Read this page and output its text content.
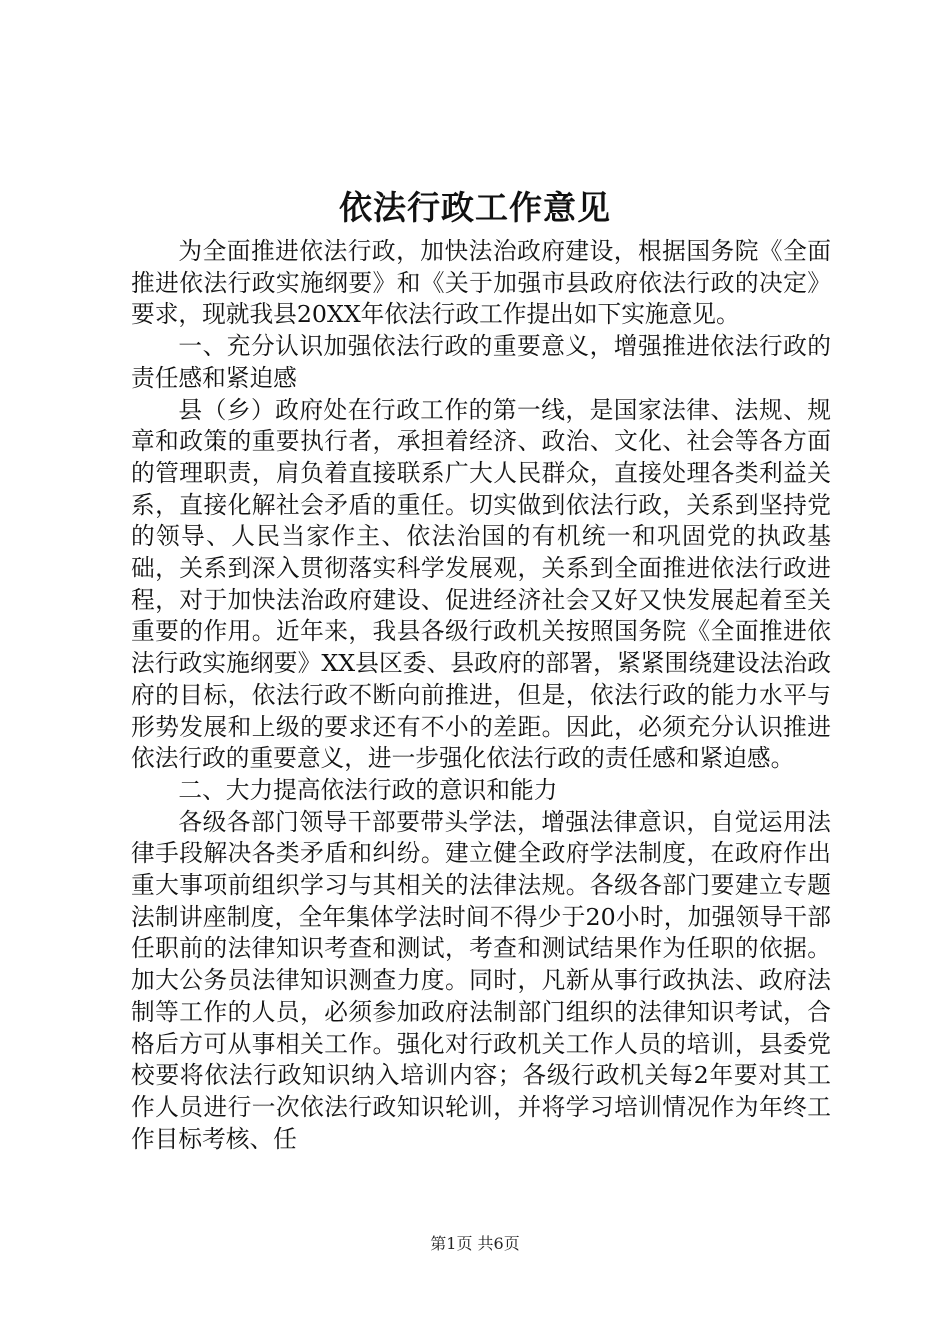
依法行政工作意见

为全面推进依法行政，加快法治政府建设，根据国务院《全面推进依法行政实施纲要》和《关于加强市县政府依法行政的决定》要求，现就我县20XX年依法行政工作提出如下实施意见。

一、充分认识加强依法行政的重要意义，增强推进依法行政的责任感和紧迫感

县（乡）政府处在行政工作的第一线，是国家法律、法规、规章和政策的重要执行者，承担着经济、政治、文化、社会等各方面的管理职责，肩负着直接联系广大人民群众，直接处理各类利益关系，直接化解社会矛盾的重任。切实做到依法行政，关系到坚持党的领导、人民当家作主、依法治国的有机统一和巩固党的执政基础，关系到深入贯彻落实科学发展观，关系到全面推进依法行政进程，对于加快法治政府建设、促进经济社会又好又快发展起着至关重要的作用。近年来，我县各级行政机关按照国务院《全面推进依法行政实施纲要》XX县区委、县政府的部署，紧紧围绕建设法治政府的目标，依法行政不断向前推进，但是，依法行政的能力水平与形势发展和上级的要求还有不小的差距。因此，必须充分认识推进依法行政的重要意义，进一步强化依法行政的责任感和紧迫感。

二、大力提高依法行政的意识和能力

各级各部门领导干部要带头学法，增强法律意识，自觉运用法律手段解决各类矛盾和纠纷。建立健全政府学法制度，在政府作出重大事项前组织学习与其相关的法律法规。各级各部门要建立专题法制讲座制度，全年集体学法时间不得少于20小时，加强领导干部任职前的法律知识考查和测试，考查和测试结果作为任职的依据。加大公务员法律知识测查力度。同时，凡新从事行政执法、政府法制等工作的人员，必须参加政府法制部门组织的法律知识考试，合格后方可从事相关工作。强化对行政机关工作人员的培训，县委党校要将依法行政知识纳入培训内容；各级行政机关每2年要对其工作人员进行一次依法行政知识轮训，并将学习培训情况作为年终工作目标考核、任

第1页 共6页
